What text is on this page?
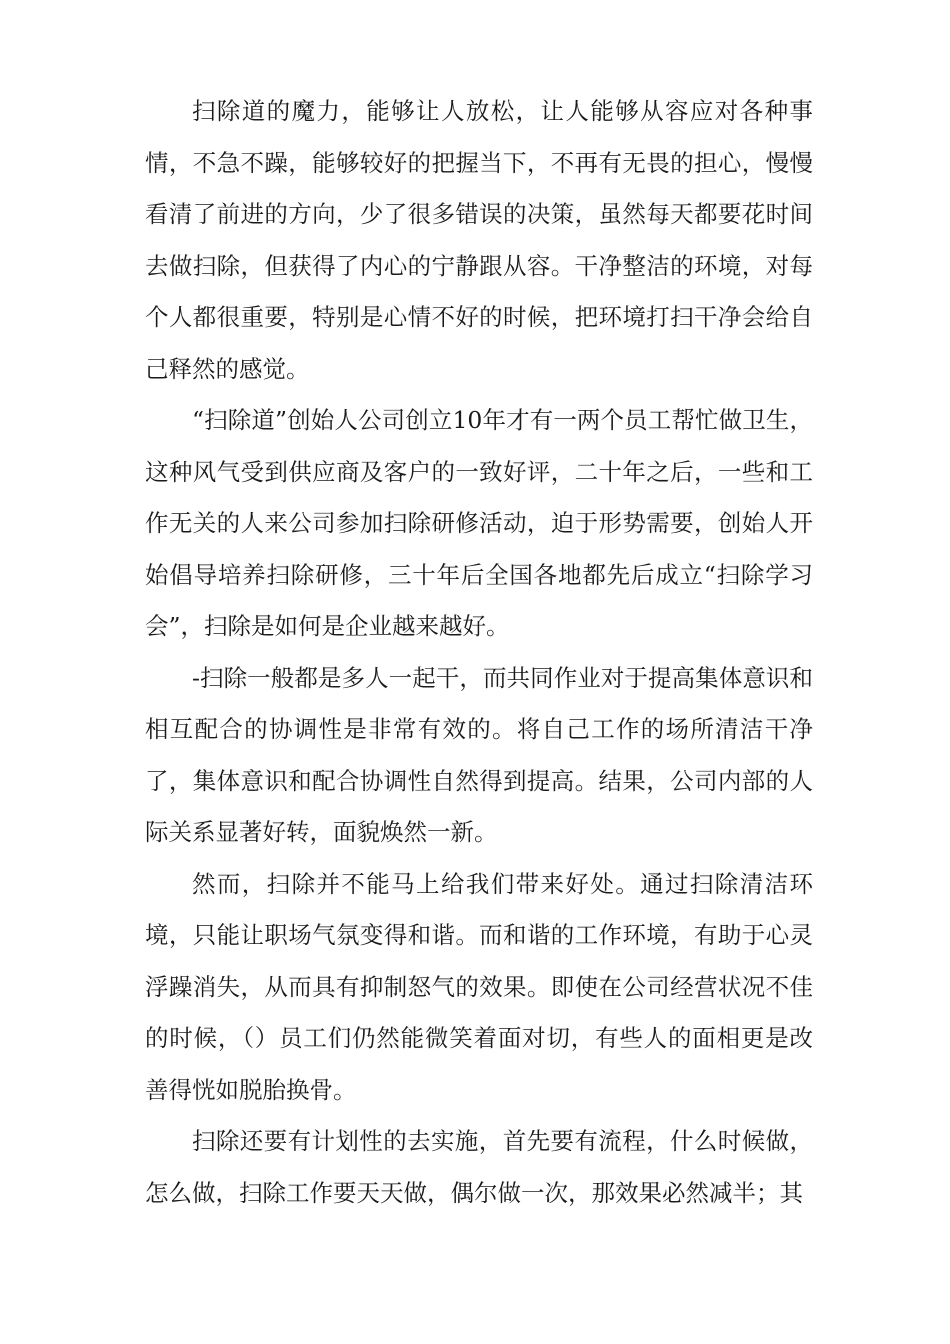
扫除道的魔力，能够让人放松，让人能够从容应对各种事情，不急不躁，能够较好的把握当下，不再有无畏的担心，慢慢看清了前进的方向，少了很多错误的决策，虽然每天都要花时间去做扫除，但获得了内心的宁静跟从容。干净整洁的环境，对每个人都很重要，特别是心情不好的时候，把环境打扫干净会给自己释然的感觉。

“扫除道”创始人公司创立10年才有一两个员工帮忙做卫生，这种风气受到供应商及客户的一致好评，二十年之后，一些和工作无关的人来公司参加扫除研修活动，迫于形势需要，创始人开始倡导培养扫除研修，三十年后全国各地都先后成立“扫除学习会”，扫除是如何是企业越来越好。

-扫除一般都是多人一起干，而共同作业对于提高集体意识和相互配合的协调性是非常有效的。将自己工作的场所清洁干净了，集体意识和配合协调性自然得到提高。结果，公司内部的人际关系显著好转，面貌焕然一新。

然而，扫除并不能马上给我们带来好处。通过扫除清洁环境，只能让职场气氛变得和谐。而和谐的工作环境，有助于心灵浮躁消失，从而具有抑制怒气的效果。即使在公司经营状况不佳的时候，（）员工们仍然能微笑着面对切，有些人的面相更是改善得恍如脱胎换骨。

扫除还要有计划性的去实施，首先要有流程，什么时候做，怎么做，扫除工作要天天做，偶尔做一次，那效果必然减半；其
